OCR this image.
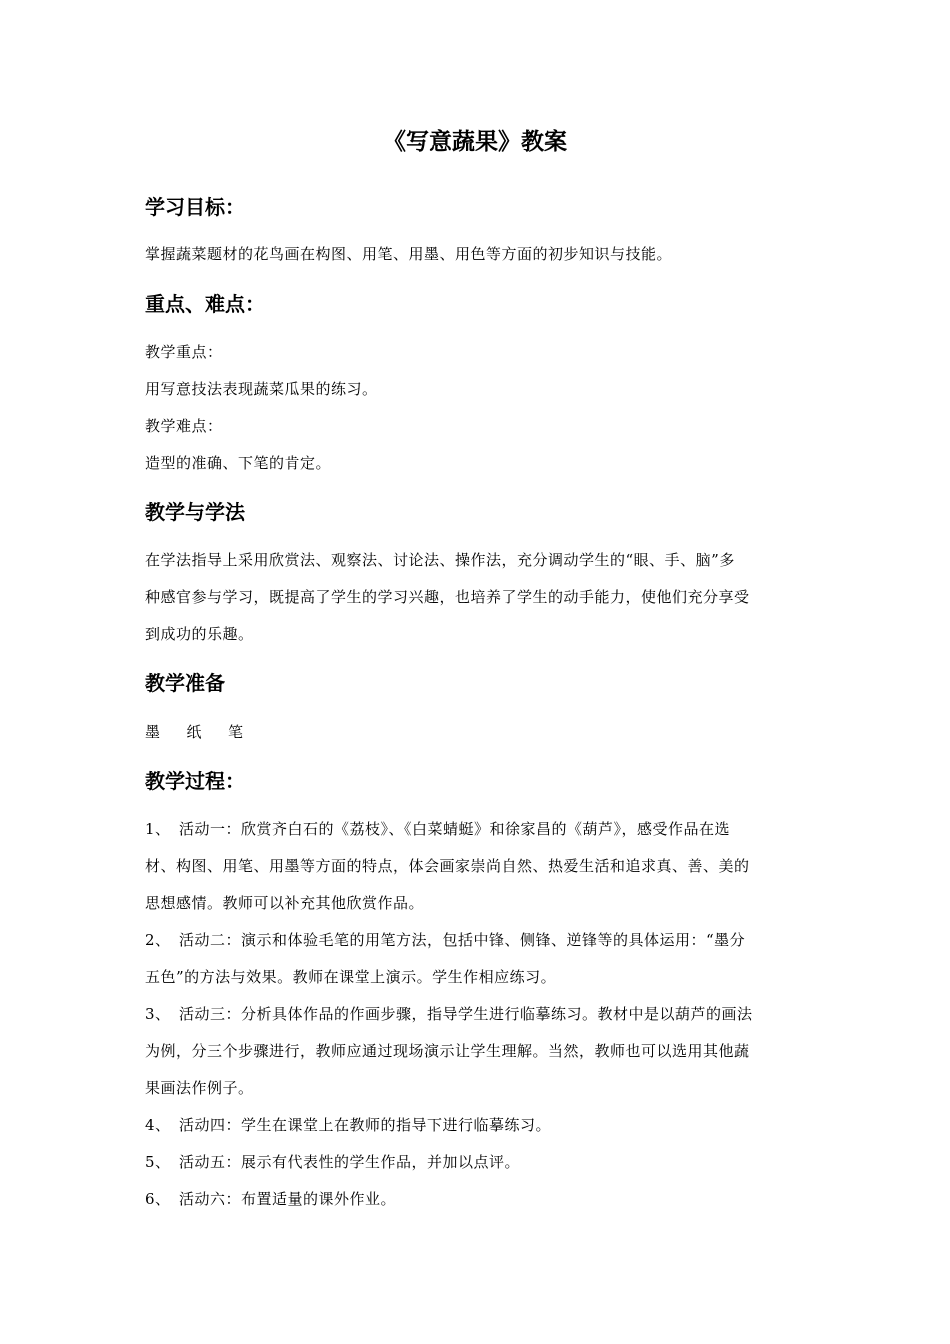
《写意蔬果》教案

学习目标：

掌握蔬菜题材的花鸟画在构图、用笔、用墨、用色等方面的初步知识与技能。

重点、难点：

教学重点：

用写意技法表现蔬菜瓜果的练习。

教学难点：

造型的准确、下笔的肯定。

教学与学法

在学法指导上采用欣赏法、观察法、讨论法、操作法，充分调动学生的“眼、手、脑”多

种感官参与学习，既提高了学生的学习兴趣，也培养了学生的动手能力，使他们充分享受

到成功的乐趣。

教学准备

墨 纸 笔

教学过程：

1、 活动一：欣赏齐白石的《荔枝》、《白菜蜻蜓》和徐家昌的《葫芦》，感受作品在选

材、构图、用笔、用墨等方面的特点，体会画家崇尚自然、热爱生活和追求真、善、美的

思想感情。教师可以补充其他欣赏作品。

2、 活动二：演示和体验毛笔的用笔方法，包括中锋、侧锋、逆锋等的具体运用：“墨分

五色”的方法与效果。教师在课堂上演示。学生作相应练习。

3、 活动三：分析具体作品的作画步骤，指导学生进行临摹练习。教材中是以葫芦的画法

为例，分三个步骤进行，教师应通过现场演示让学生理解。当然，教师也可以选用其他蔬

果画法作例子。

4、 活动四：学生在课堂上在教师的指导下进行临摹练习。

5、 活动五：展示有代表性的学生作品，并加以点评。

6、 活动六：布置适量的课外作业。
